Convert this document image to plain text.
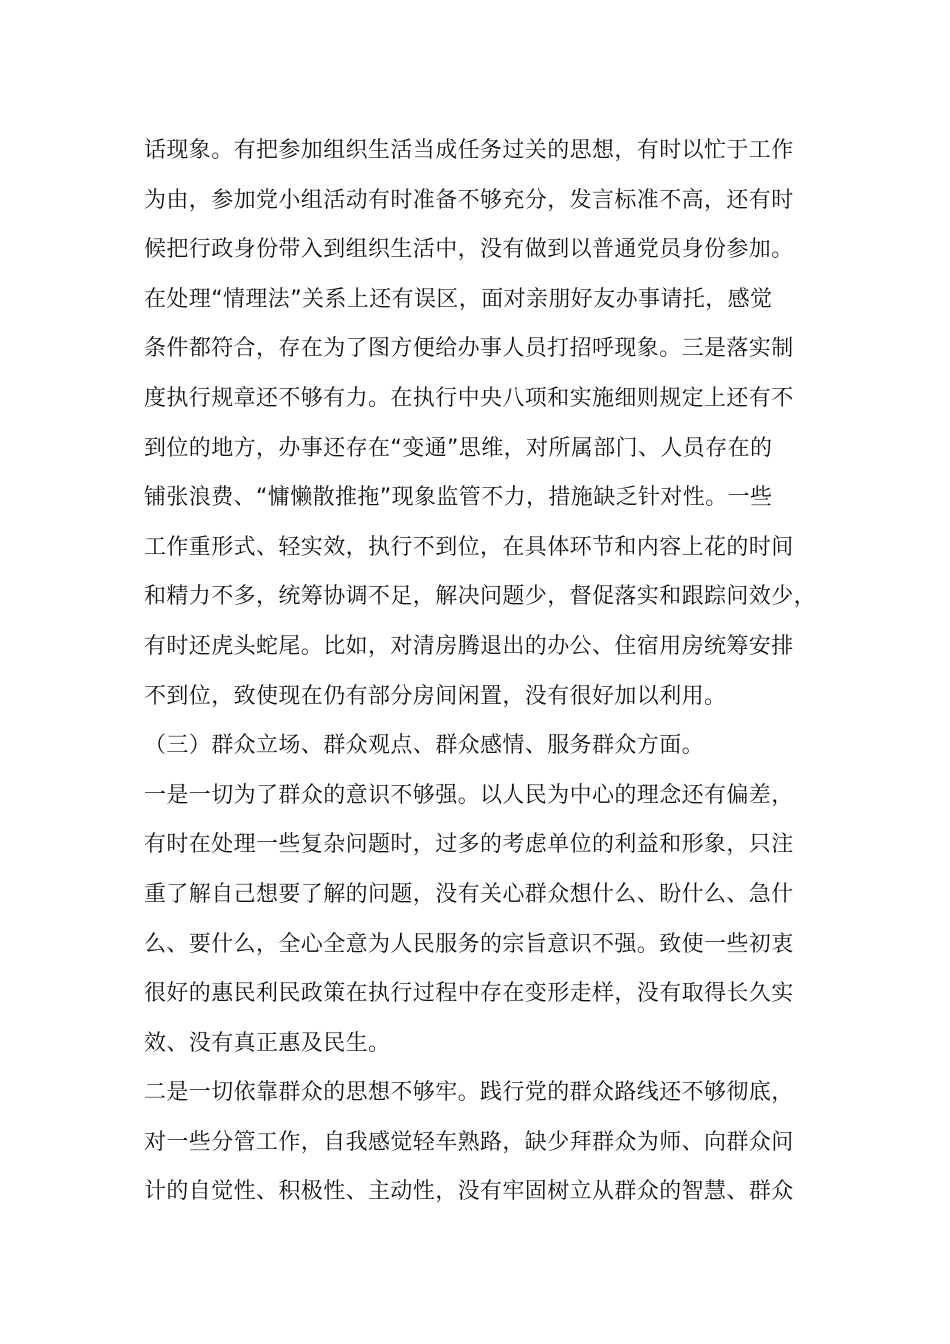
话现象。有把参加组织生活当成任务过关的思想，有时以忙于工作
为由，参加党小组活动有时准备不够充分，发言标准不高，还有时
候把行政身份带入到组织生活中，没有做到以普通党员身份参加。
在处理“情理法”关系上还有误区，面对亲朋好友办事请托，感觉
条件都符合，存在为了图方便给办事人员打招呼现象。三是落实制
度执行规章还不够有力。在执行中央八项和实施细则规定上还有不
到位的地方，办事还存在“变通”思维，对所属部门、人员存在的
铺张浪费、“慵懒散推拖”现象监管不力，措施缺乏针对性。一些
工作重形式、轻实效，执行不到位，在具体环节和内容上花的时间
和精力不多，统筹协调不足，解决问题少，督促落实和跟踪问效少，
有时还虎头蛇尾。比如，对清房腾退出的办公、住宿用房统筹安排
不到位，致使现在仍有部分房间闲置，没有很好加以利用。
（三）群众立场、群众观点、群众感情、服务群众方面。
一是一切为了群众的意识不够强。以人民为中心的理念还有偏差，
有时在处理一些复杂问题时，过多的考虑单位的利益和形象，只注
重了解自己想要了解的问题，没有关心群众想什么、盼什么、急什
么、要什么，全心全意为人民服务的宗旨意识不强。致使一些初衷
很好的惠民利民政策在执行过程中存在变形走样，没有取得长久实
效、没有真正惠及民生。
二是一切依靠群众的思想不够牢。践行党的群众路线还不够彻底，
对一些分管工作，自我感觉轻车熟路，缺少拜群众为师、向群众问
计的自觉性、积极性、主动性，没有牢固树立从群众的智慧、群众
